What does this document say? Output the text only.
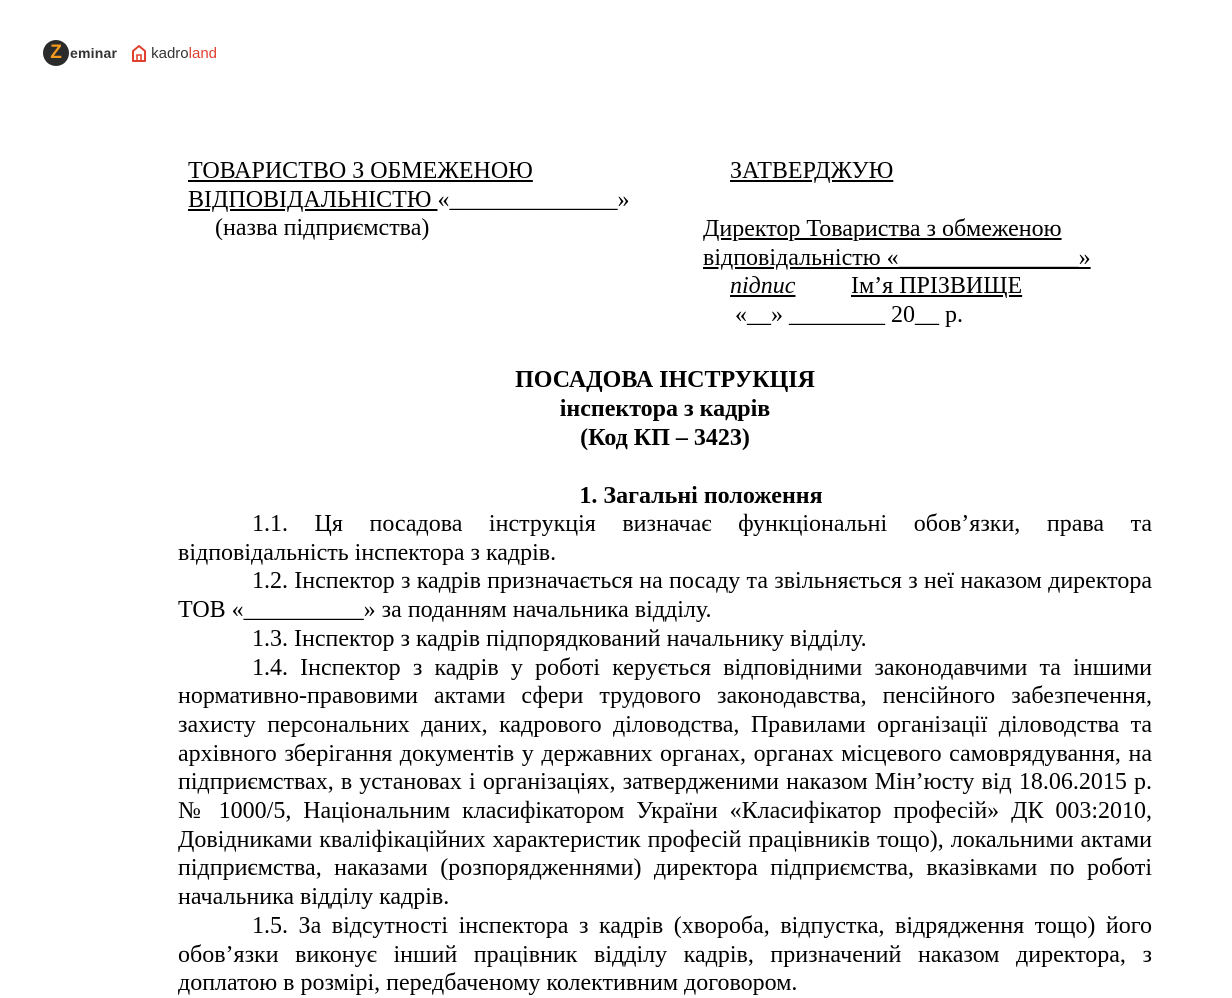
Z eminar kadroland
ТОВАРИСТВО З ОБМЕЖЕНОЮ
ВІДПОВІДАЛЬНІСТЮ «______________»
(назва підприємства)
ЗАТВЕРДЖУЮ
Директор Товариства з обмеженою
відповідальністю «_______________»
підпис Ім’я ПРІЗВИЩЕ
«__» ________ 20__ р.
ПОСАДОВА ІНСТРУКЦІЯ
інспектора з кадрів
(Код КП – 3423)
1. Загальні положення

1.1. Ця посадова інструкція визначає функціональні обов’язки, права та відповідальність інспектора з кадрів.

1.2. Інспектор з кадрів призначається на посаду та звільняється з неї наказом директора ТОВ «__________» за поданням начальника відділу.

1.3. Інспектор з кадрів підпорядкований начальнику відділу.

1.4. Інспектор з кадрів у роботі керується відповідними законодавчими та іншими нормативно-правовими актами сфери трудового законодавства, пенсійного забезпечення, захисту персональних даних, кадрового діловодства, Правилами організації діловодства та архівного зберігання документів у державних органах, органах місцевого самоврядування, на підприємствах, в установах і організаціях, затвердженими наказом Мін’юсту від 18.06.2015 р. № 1000/5, Національним класифікатором України «Класифікатор професій» ДК 003:2010, Довідниками кваліфікаційних характеристик професій працівників тощо), локальними актами підприємства, наказами (розпорядженнями) директора підприємства, вказівками по роботі начальника відділу кадрів.

1.5. За відсутності інспектора з кадрів (хвороба, відпустка, відрядження тощо) його обов’язки виконує інший працівник відділу кадрів, призначений наказом директора, з доплатою в розмірі, передбаченому колективним договором.
